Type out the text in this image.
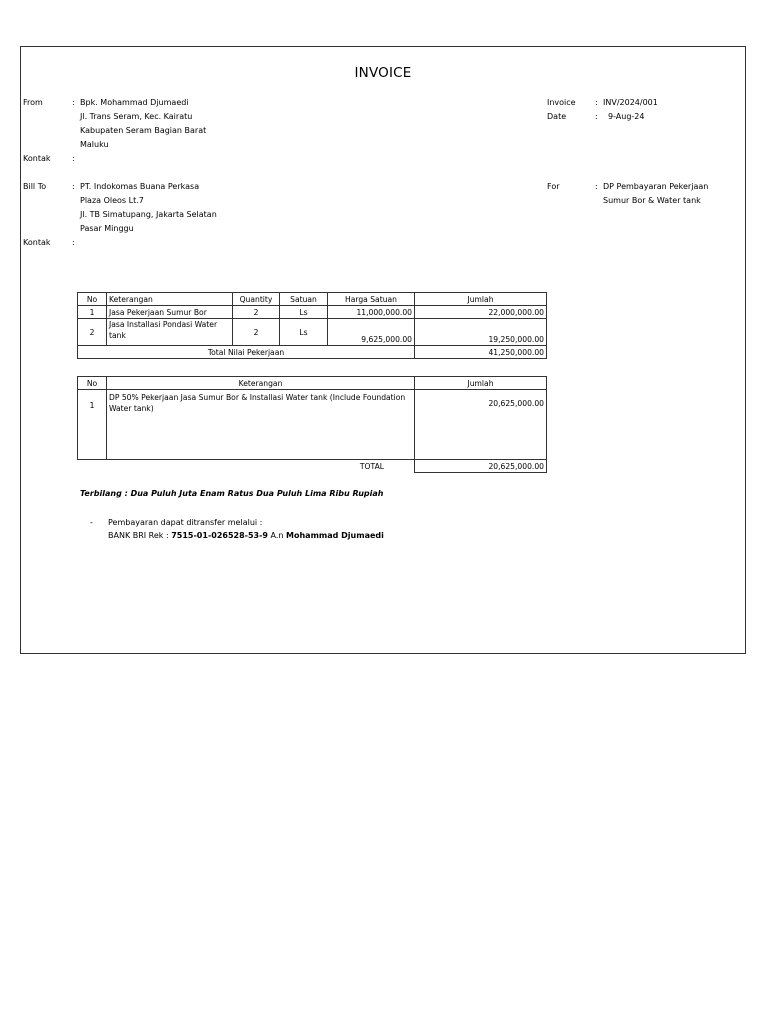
INVOICE
From	: Bpk. Mohammad Djumaedi
Jl. Trans Seram, Kec. Kairatu
Kabupaten Seram Bagian Barat
Maluku
Kontak	:
Invoice : INV/2024/001
Date	: 9-Aug-24
Bill To	: PT. Indokomas Buana Perkasa
Plaza Oleos Lt.7
Jl. TB Simatupang, Jakarta Selatan
Pasar Minggu
Kontak	:
For	: DP Pembayaran Pekerjaan
Sumur Bor & Water tank
No	Keterangan	Quantity	Satuan	Harga Satuan	Jumlah
1	Jasa Pekerjaan Sumur Bor	2	Ls	11,000,000.00	22,000,000.00
2	Jasa Installasi Pondasi Water tank	2	Ls	9,625,000.00	19,250,000.00
Total Nilai Pekerjaan					41,250,000.00
No	Keterangan	Jumlah
1	DP 50% Pekerjaan Jasa Sumur Bor & Installasi Water tank (Include Foundation Water tank)	20,625,000.00
TOTAL		20,625,000.00
Terbilang : Dua Puluh Juta Enam Ratus Dua Puluh Lima Ribu Rupiah
- Pembayaran dapat ditransfer melalui :
BANK BRI Rek : 7515-01-026528-53-9 A.n Mohammad Djumaedi
